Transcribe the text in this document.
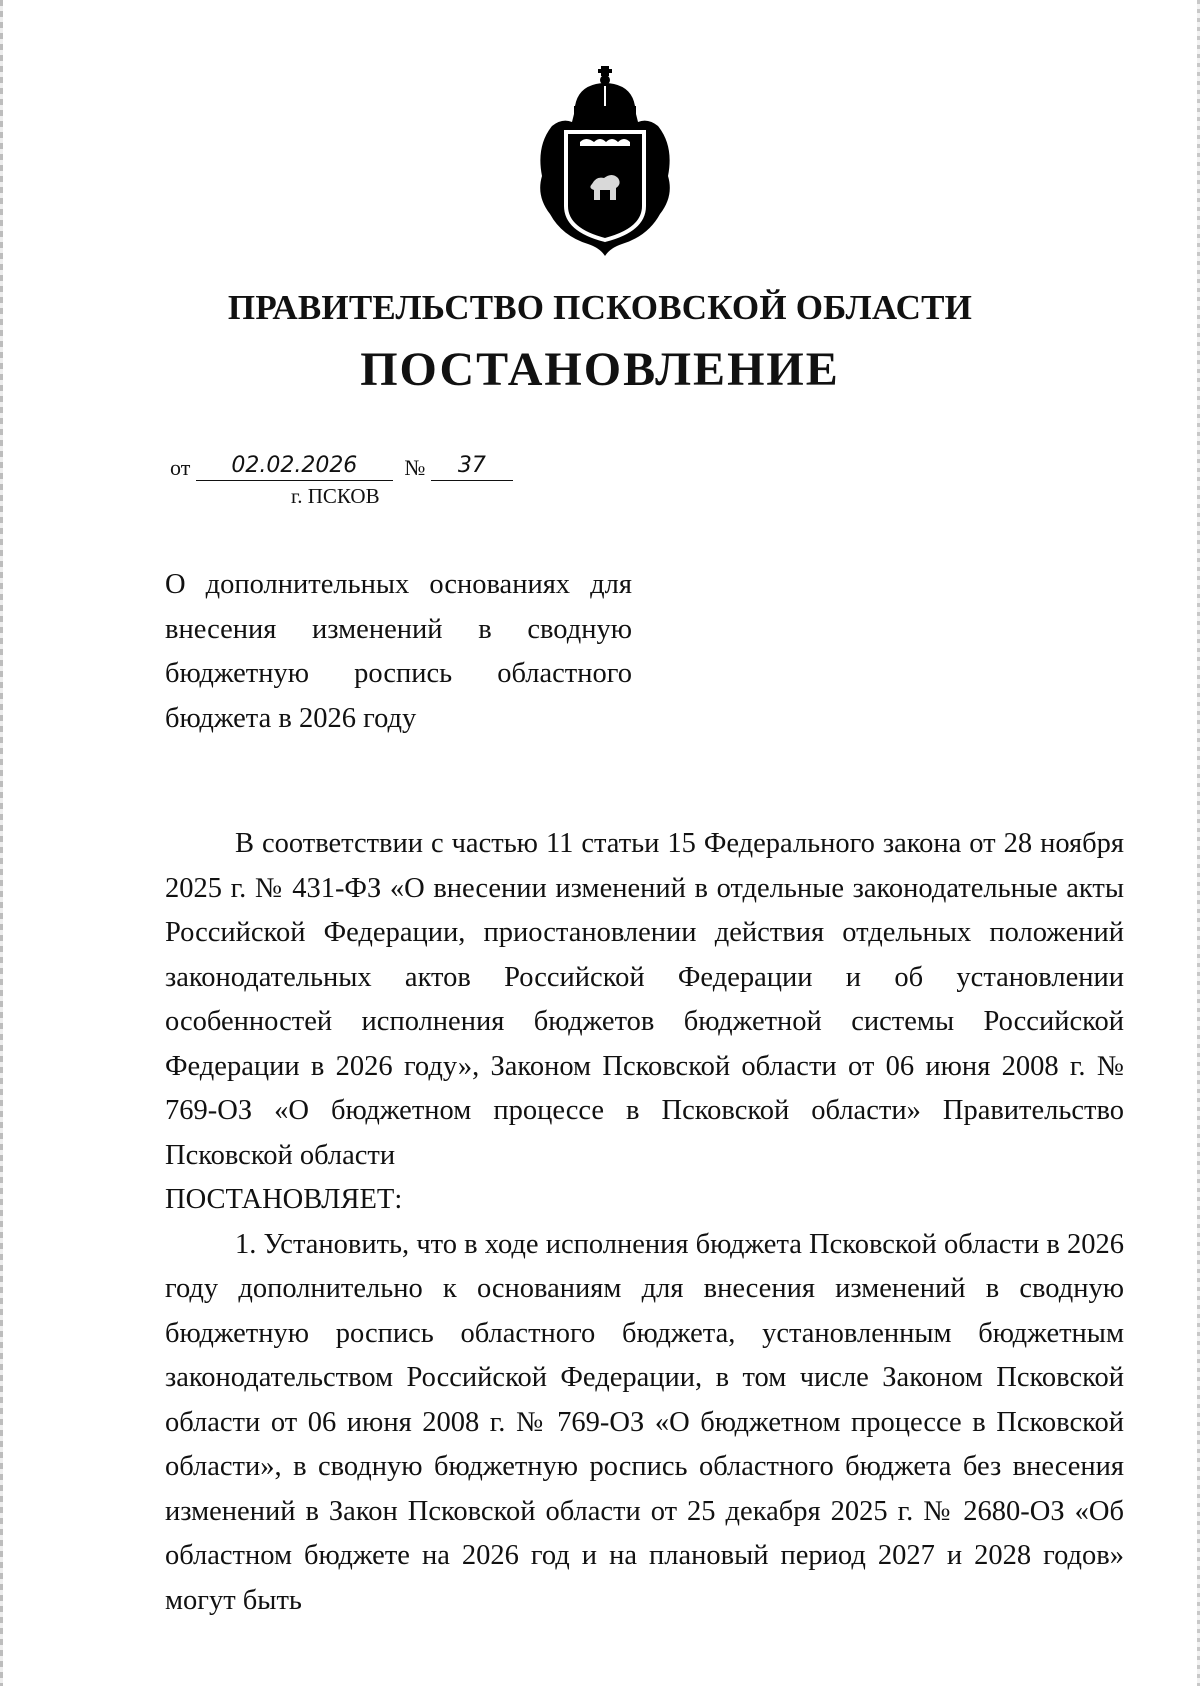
ПРАВИТЕЛЬСТВО ПСКОВСКОЙ ОБЛАСТИ
ПОСТАНОВЛЕНИЕ
от 02.02.2026 № 37
г. ПСКОВ
О дополнительных основаниях для внесения изменений в сводную бюджетную роспись областного бюджета в 2026 году

В соответствии с частью 11 статьи 15 Федерального закона от 28 ноября 2025 г. № 431-ФЗ «О внесении изменений в отдельные законодательные акты Российской Федерации, приостановлении действия отдельных положений законодательных актов Российской Федерации и об установлении особенностей исполнения бюджетов бюджетной системы Российской Федерации в 2026 году», Законом Псковской области от 06 июня 2008 г. № 769-ОЗ «О бюджетном процессе в Псковской области» Правительство Псковской области

ПОСТАНОВЛЯЕТ:

1. Установить, что в ходе исполнения бюджета Псковской области в 2026 году дополнительно к основаниям для внесения изменений в сводную бюджетную роспись областного бюджета, установленным бюджетным законодательством Российской Федерации, в том числе Законом Псковской области от 06 июня 2008 г. № 769-ОЗ «О бюджетном процессе в Псковской области», в сводную бюджетную роспись областного бюджета без внесения изменений в Закон Псковской области от 25 декабря 2025 г. № 2680-ОЗ «Об областном бюджете на 2026 год и на плановый период 2027 и 2028 годов» могут быть
